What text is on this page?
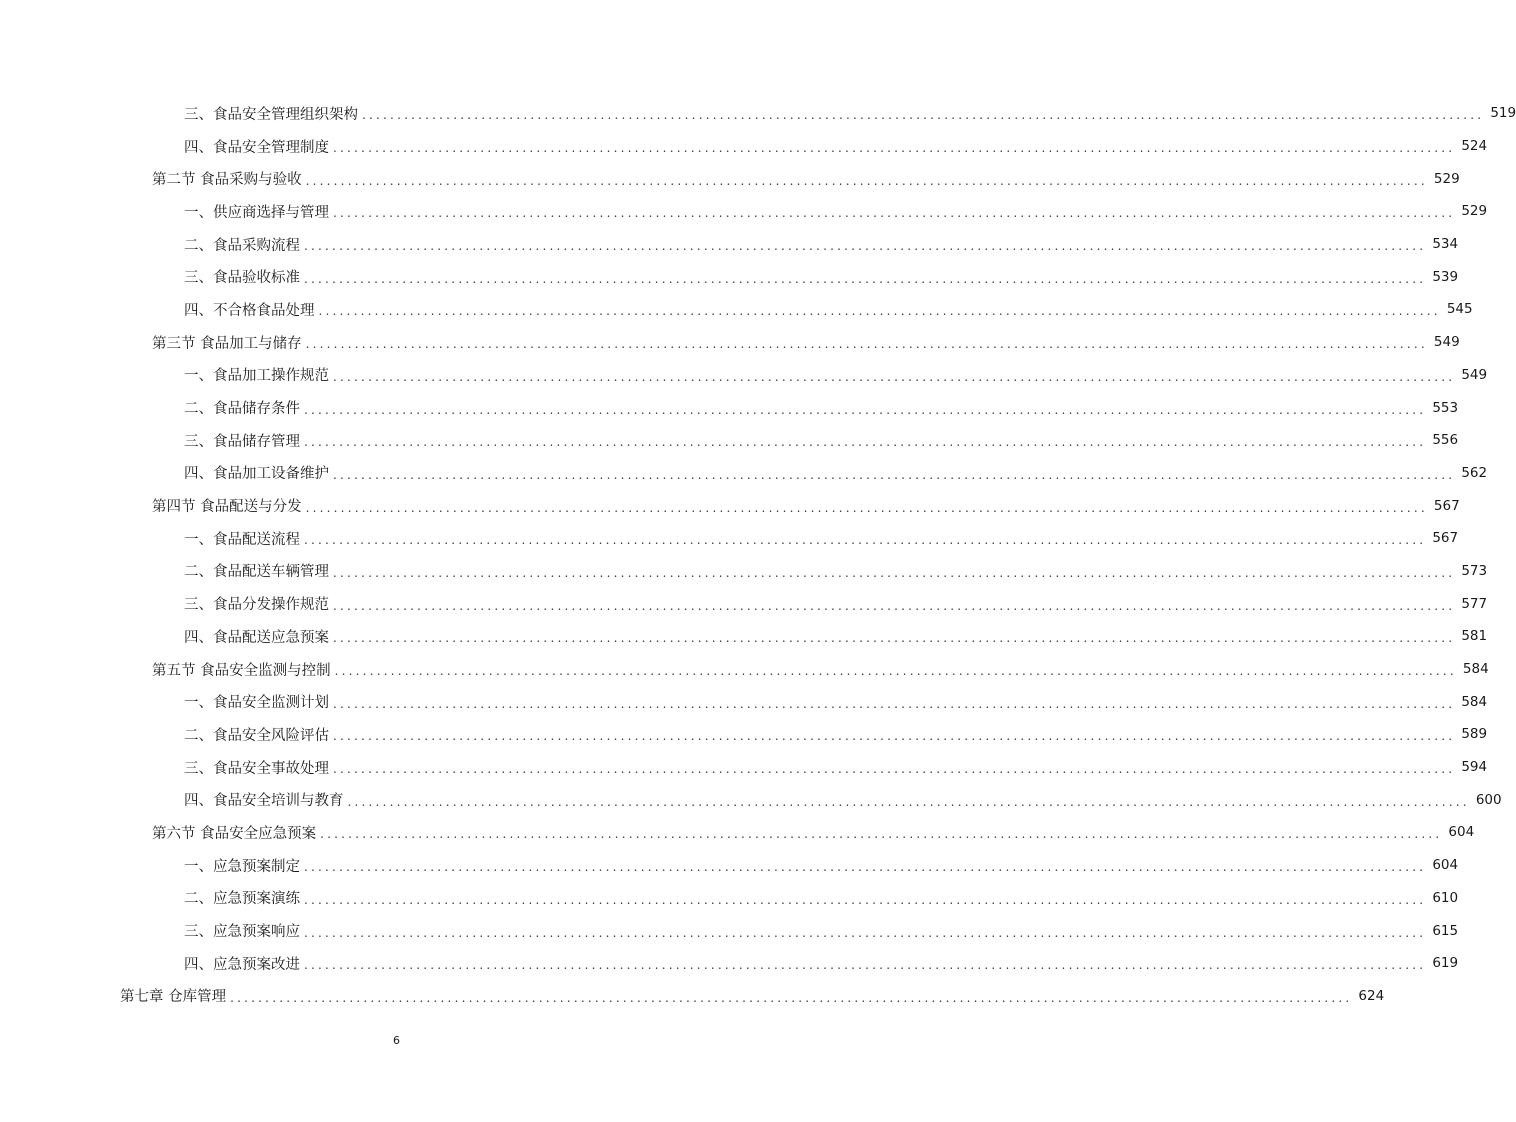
三、食品安全管理组织架构 ................................................................................................................................................................ 519
四、食品安全管理制度 ................................................................................................................................................................ 524
第二节 食品采购与验收 ................................................................................................................................................................ 529
一、供应商选择与管理 ................................................................................................................................................................ 529
二、食品采购流程 ................................................................................................................................................................ 534
三、食品验收标准 ................................................................................................................................................................ 539
四、不合格食品处理 ................................................................................................................................................................ 545
第三节 食品加工与储存 ................................................................................................................................................................ 549
一、食品加工操作规范 ................................................................................................................................................................ 549
二、食品储存条件 ................................................................................................................................................................ 553
三、食品储存管理 ................................................................................................................................................................ 556
四、食品加工设备维护 ................................................................................................................................................................ 562
第四节 食品配送与分发 ................................................................................................................................................................ 567
一、食品配送流程 ................................................................................................................................................................ 567
二、食品配送车辆管理 ................................................................................................................................................................ 573
三、食品分发操作规范 ................................................................................................................................................................ 577
四、食品配送应急预案 ................................................................................................................................................................ 581
第五节 食品安全监测与控制 ................................................................................................................................................................ 584
一、食品安全监测计划 ................................................................................................................................................................ 584
二、食品安全风险评估 ................................................................................................................................................................ 589
三、食品安全事故处理 ................................................................................................................................................................ 594
四、食品安全培训与教育 ................................................................................................................................................................ 600
第六节 食品安全应急预案 ................................................................................................................................................................ 604
一、应急预案制定 ................................................................................................................................................................ 604
二、应急预案演练 ................................................................................................................................................................ 610
三、应急预案响应 ................................................................................................................................................................ 615
四、应急预案改进 ................................................................................................................................................................ 619
第七章 仓库管理 ................................................................................................................................................................ 624
6
